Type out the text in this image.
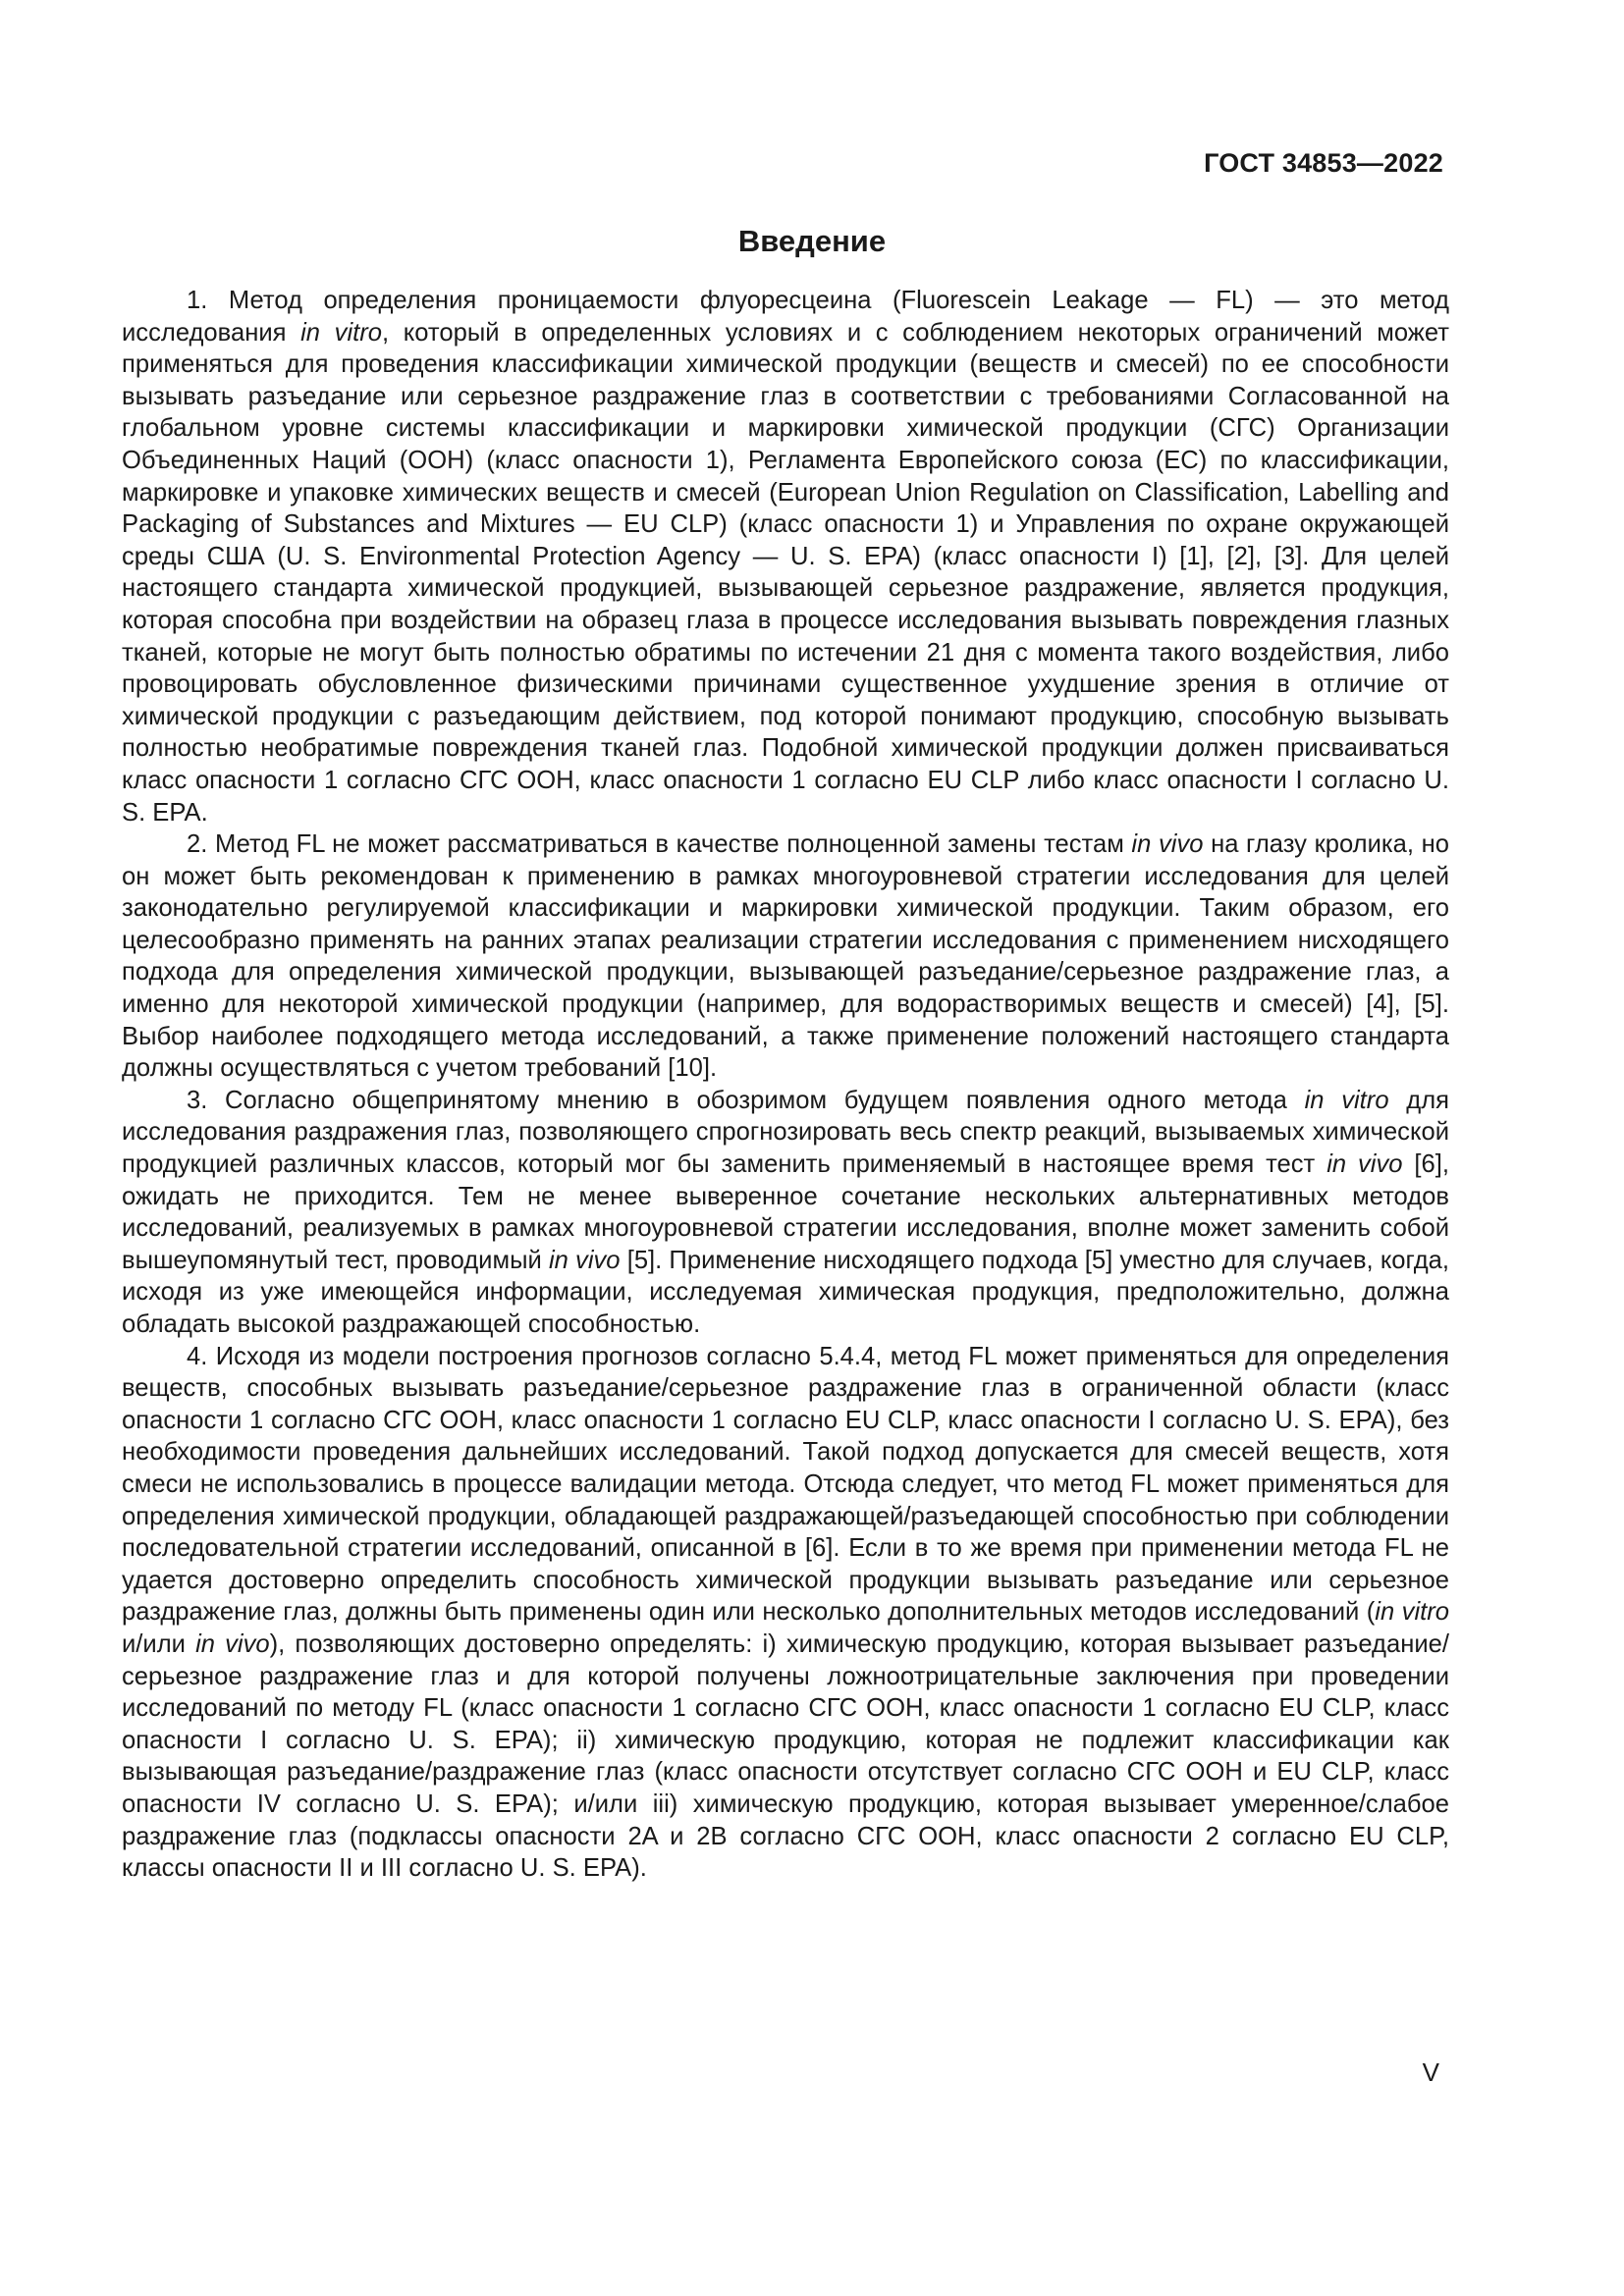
ГОСТ 34853—2022

Введение

1. Метод определения проницаемости флуоресцеина (Fluorescein Leakage — FL) — это метод исследования in vitro, который в определенных условиях и с соблюдением некоторых ограничений может применяться для проведения классификации химической продукции (веществ и смесей) по ее способности вызывать разъедание или серьезное раздражение глаз в соответствии с требованиями Согласованной на глобальном уровне системы классификации и маркировки химической продукции (СГС) Организации Объединенных Наций (ООН) (класс опасности 1), Регламента Европейского союза (ЕС) по классификации, маркировке и упаковке химических веществ и смесей (European Union Regulation on Classification, Labelling and Packaging of Substances and Mixtures — EU CLP) (класс опасности 1) и Управления по охране окружающей среды США (U. S. Environmental Protection Agency — U. S. EPA) (класс опасности I) [1], [2], [3]. Для целей настоящего стандарта химической продукцией, вызывающей серьезное раздражение, является продукция, которая способна при воздействии на образец глаза в процессе исследования вызывать повреждения глазных тканей, которые не могут быть полностью обратимы по истечении 21 дня с момента такого воздействия, либо провоцировать обусловленное физическими причинами существенное ухудшение зрения в отличие от химической продукции с разъедающим действием, под которой понимают продукцию, способную вызывать полностью необратимые повреждения тканей глаз. Подобной химической продукции должен присваиваться класс опасности 1 согласно СГС ООН, класс опасности 1 согласно EU CLP либо класс опасности I согласно U. S. EPA.

2. Метод FL не может рассматриваться в качестве полноценной замены тестам in vivo на глазу кролика, но он может быть рекомендован к применению в рамках многоуровневой стратегии исследования для целей законодательно регулируемой классификации и маркировки химической продукции. Таким образом, его целесообразно применять на ранних этапах реализации стратегии исследования с применением нисходящего подхода для определения химической продукции, вызывающей разъедание/серьезное раздражение глаз, а именно для некоторой химической продукции (например, для водорастворимых веществ и смесей) [4], [5]. Выбор наиболее подходящего метода исследований, а также применение положений настоящего стандарта должны осуществляться с учетом требований [10].

3. Согласно общепринятому мнению в обозримом будущем появления одного метода in vitro для исследования раздражения глаз, позволяющего спрогнозировать весь спектр реакций, вызываемых химической продукцией различных классов, который мог бы заменить применяемый в настоящее время тест in vivo [6], ожидать не приходится. Тем не менее выверенное сочетание нескольких альтернативных методов исследований, реализуемых в рамках многоуровневой стратегии исследования, вполне может заменить собой вышеупомянутый тест, проводимый in vivo [5]. Применение нисходящего подхода [5] уместно для случаев, когда, исходя из уже имеющейся информации, исследуемая химическая продукция, предположительно, должна обладать высокой раздражающей способностью.

4. Исходя из модели построения прогнозов согласно 5.4.4, метод FL может применяться для определения веществ, способных вызывать разъедание/серьезное раздражение глаз в ограниченной области (класс опасности 1 согласно СГС ООН, класс опасности 1 согласно EU CLP, класс опасности I согласно U. S. EPA), без необходимости проведения дальнейших исследований. Такой подход допускается для смесей веществ, хотя смеси не использовались в процессе валидации метода. Отсюда следует, что метод FL может применяться для определения химической продукции, обладающей раздражающей/разъедающей способностью при соблюдении последовательной стратегии исследований, описанной в [6]. Если в то же время при применении метода FL не удается достоверно определить способность химической продукции вызывать разъедание или серьезное раздражение глаз, должны быть применены один или несколько дополнительных методов исследований (in vitro и/или in vivo), позволяющих достоверно определять: i) химическую продукцию, которая вызывает разъедание/серьезное раздражение глаз и для которой получены ложноотрицательные заключения при проведении исследований по методу FL (класс опасности 1 согласно СГС ООН, класс опасности 1 согласно EU CLP, класс опасности I согласно U. S. EPA); ii) химическую продукцию, которая не подлежит классификации как вызывающая разъедание/раздражение глаз (класс опасности отсутствует согласно СГС ООН и EU CLP, класс опасности IV согласно U. S. EPA); и/или iii) химическую продукцию, которая вызывает умеренное/слабое раздражение глаз (подклассы опасности 2A и 2B согласно СГС ООН, класс опасности 2 согласно EU CLP, классы опасности II и III согласно U. S. EPA).

V
